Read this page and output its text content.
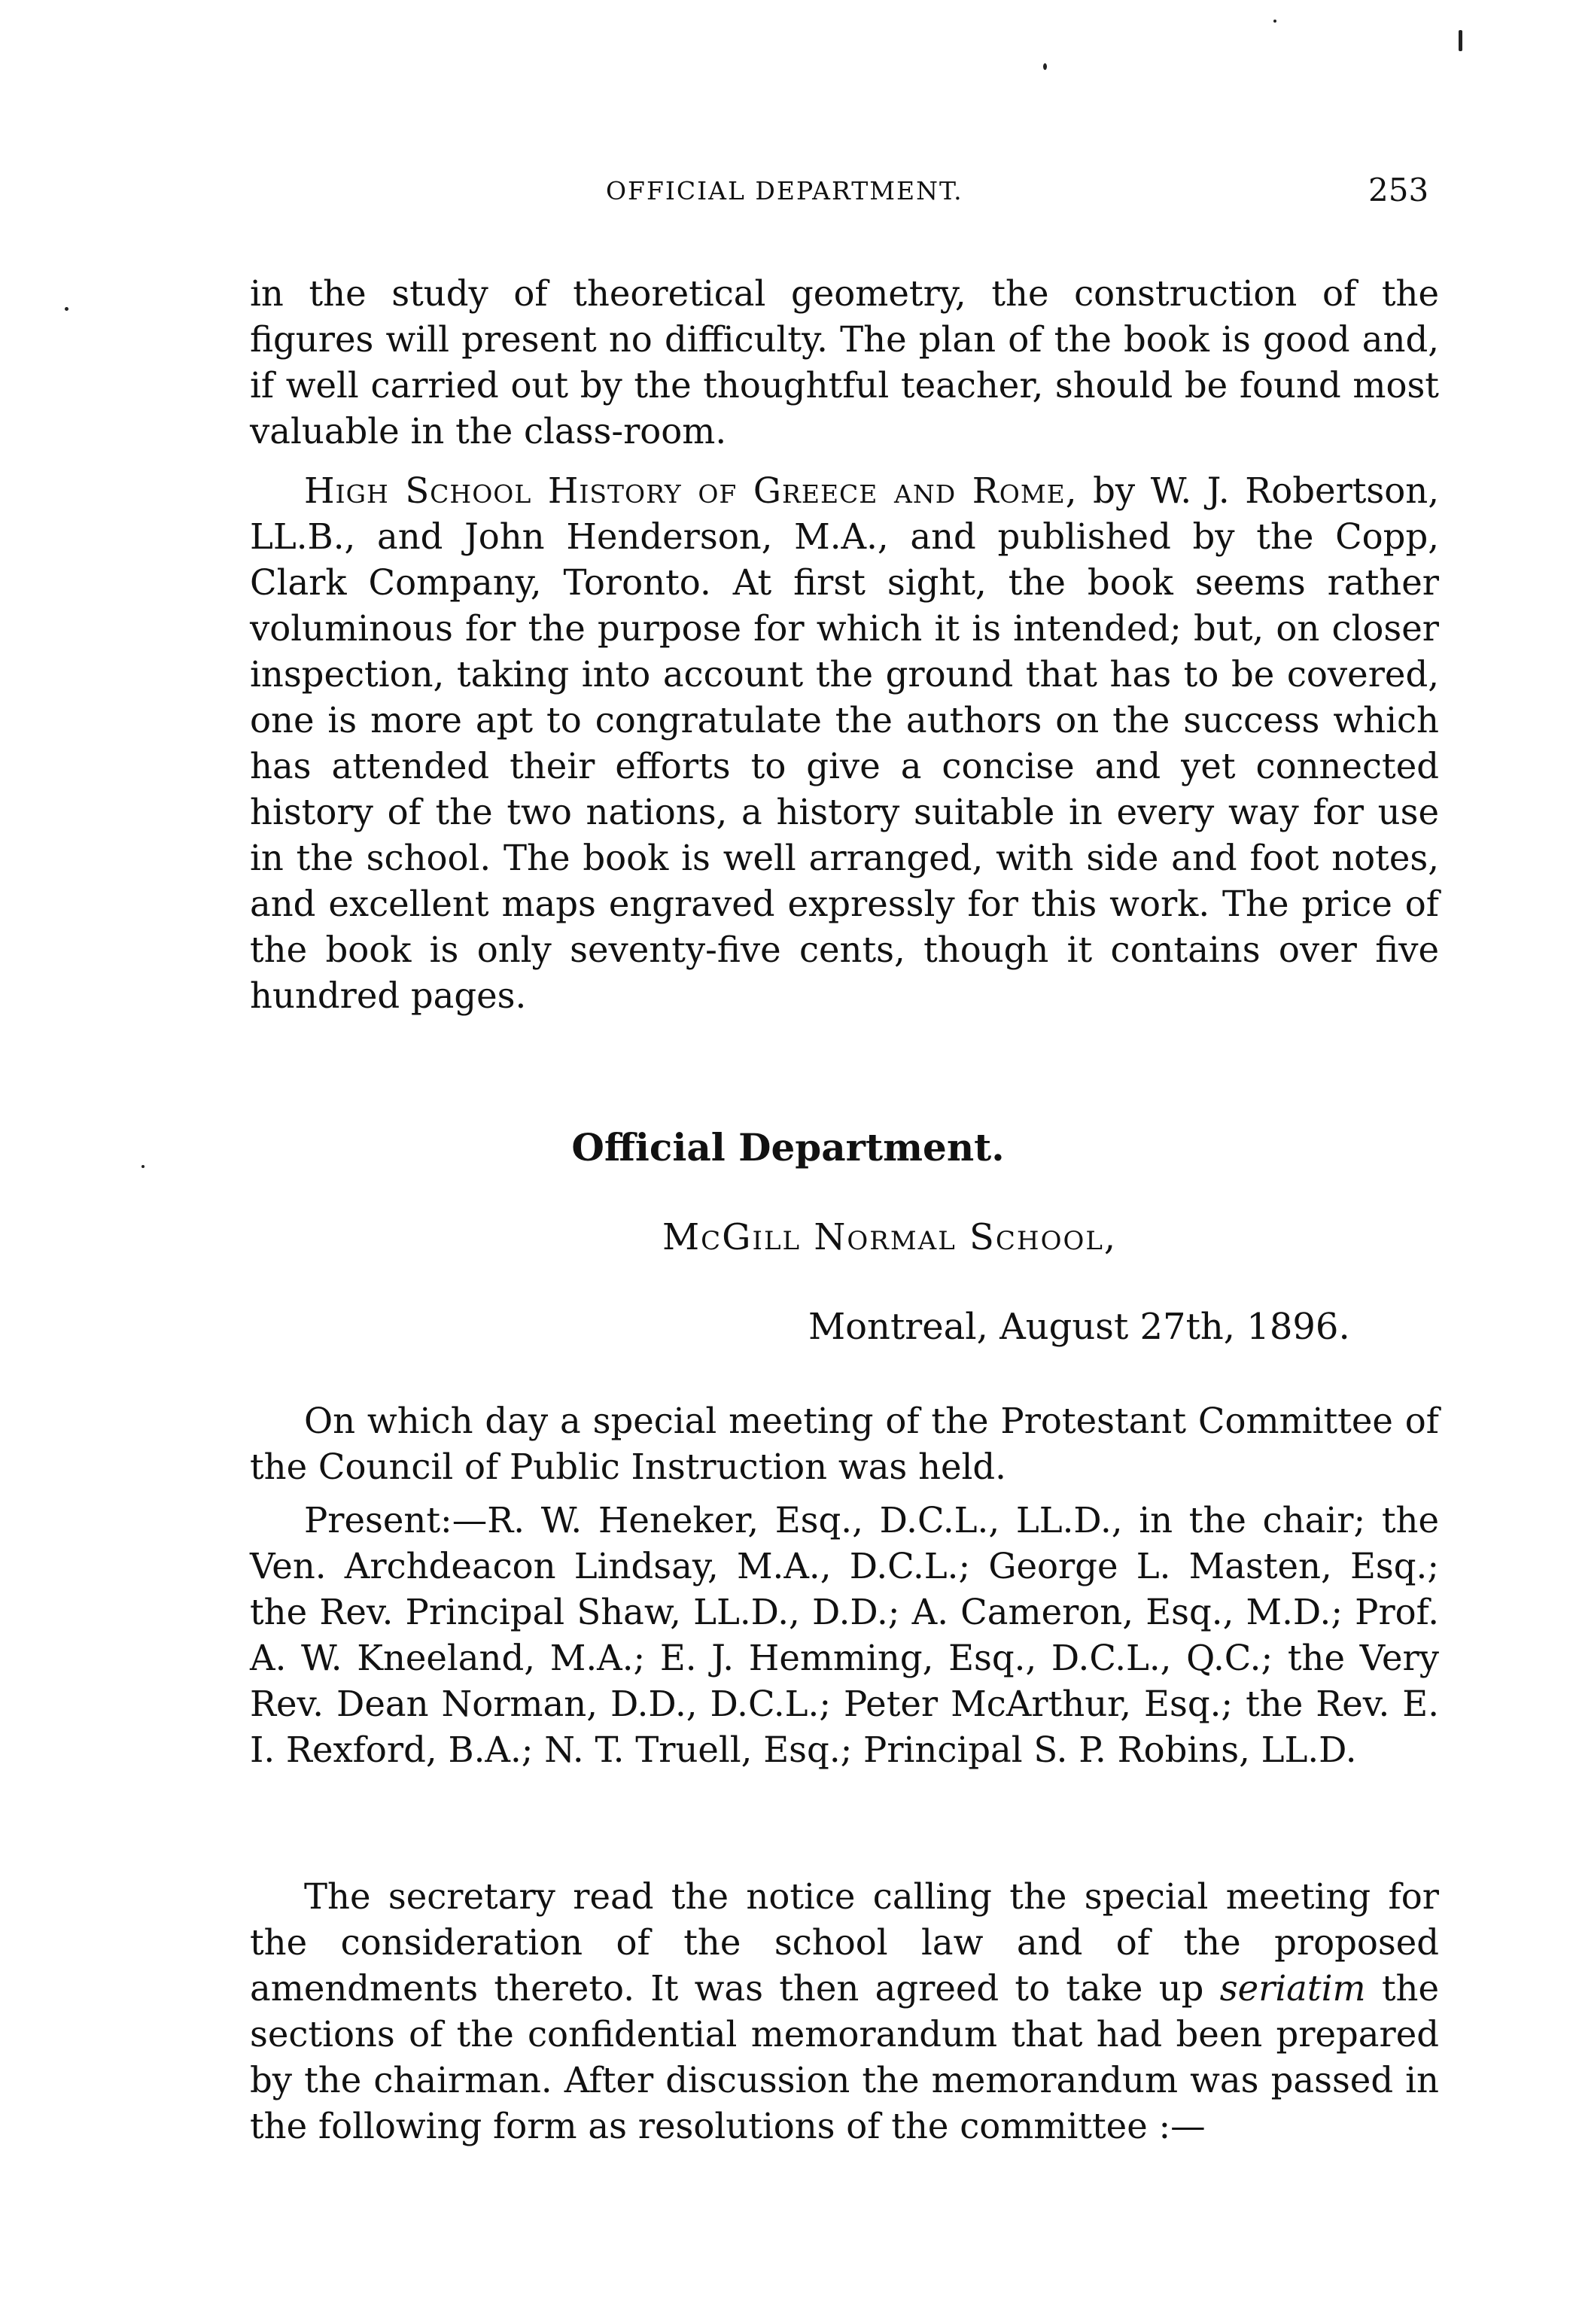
OFFICIAL DEPARTMENT.	253
in the study of theoretical geometry, the construction of the figures will present no difficulty. The plan of the book is good and, if well carried out by the thoughtful teacher, should be found most valuable in the class-room.
High School History of Greece and Rome, by W. J. Robertson, LL.B., and John Henderson, M.A., and published by the Copp, Clark Company, Toronto. At first sight, the book seems rather voluminous for the purpose for which it is intended; but, on closer inspection, taking into account the ground that has to be covered, one is more apt to congratulate the authors on the success which has attended their efforts to give a concise and yet connected history of the two nations, a history suitable in every way for use in the school. The book is well arranged, with side and foot notes, and excellent maps engraved expressly for this work. The price of the book is only seventy-five cents, though it contains over five hundred pages.
Official Department.
McGill Normal School,
Montreal, August 27th, 1896.
On which day a special meeting of the Protestant Committee of the Council of Public Instruction was held.
Present:—R. W. Heneker, Esq., D.C.L., LL.D., in the chair; the Ven. Archdeacon Lindsay, M.A., D.C.L.; George L. Masten, Esq.; the Rev. Principal Shaw, LL.D., D.D.; A. Cameron, Esq., M.D.; Prof. A. W. Kneeland, M.A.; E. J. Hemming, Esq., D.C.L., Q.C.; the Very Rev. Dean Norman, D.D., D.C.L.; Peter McArthur, Esq.; the Rev. E. I. Rexford, B.A.; N. T. Truell, Esq.; Principal S. P. Robins, LL.D.
The secretary read the notice calling the special meeting for the consideration of the school law and of the proposed amendments thereto. It was then agreed to take up seriatim the sections of the confidential memorandum that had been prepared by the chairman. After discussion the memorandum was passed in the following form as resolutions of the committee :—
